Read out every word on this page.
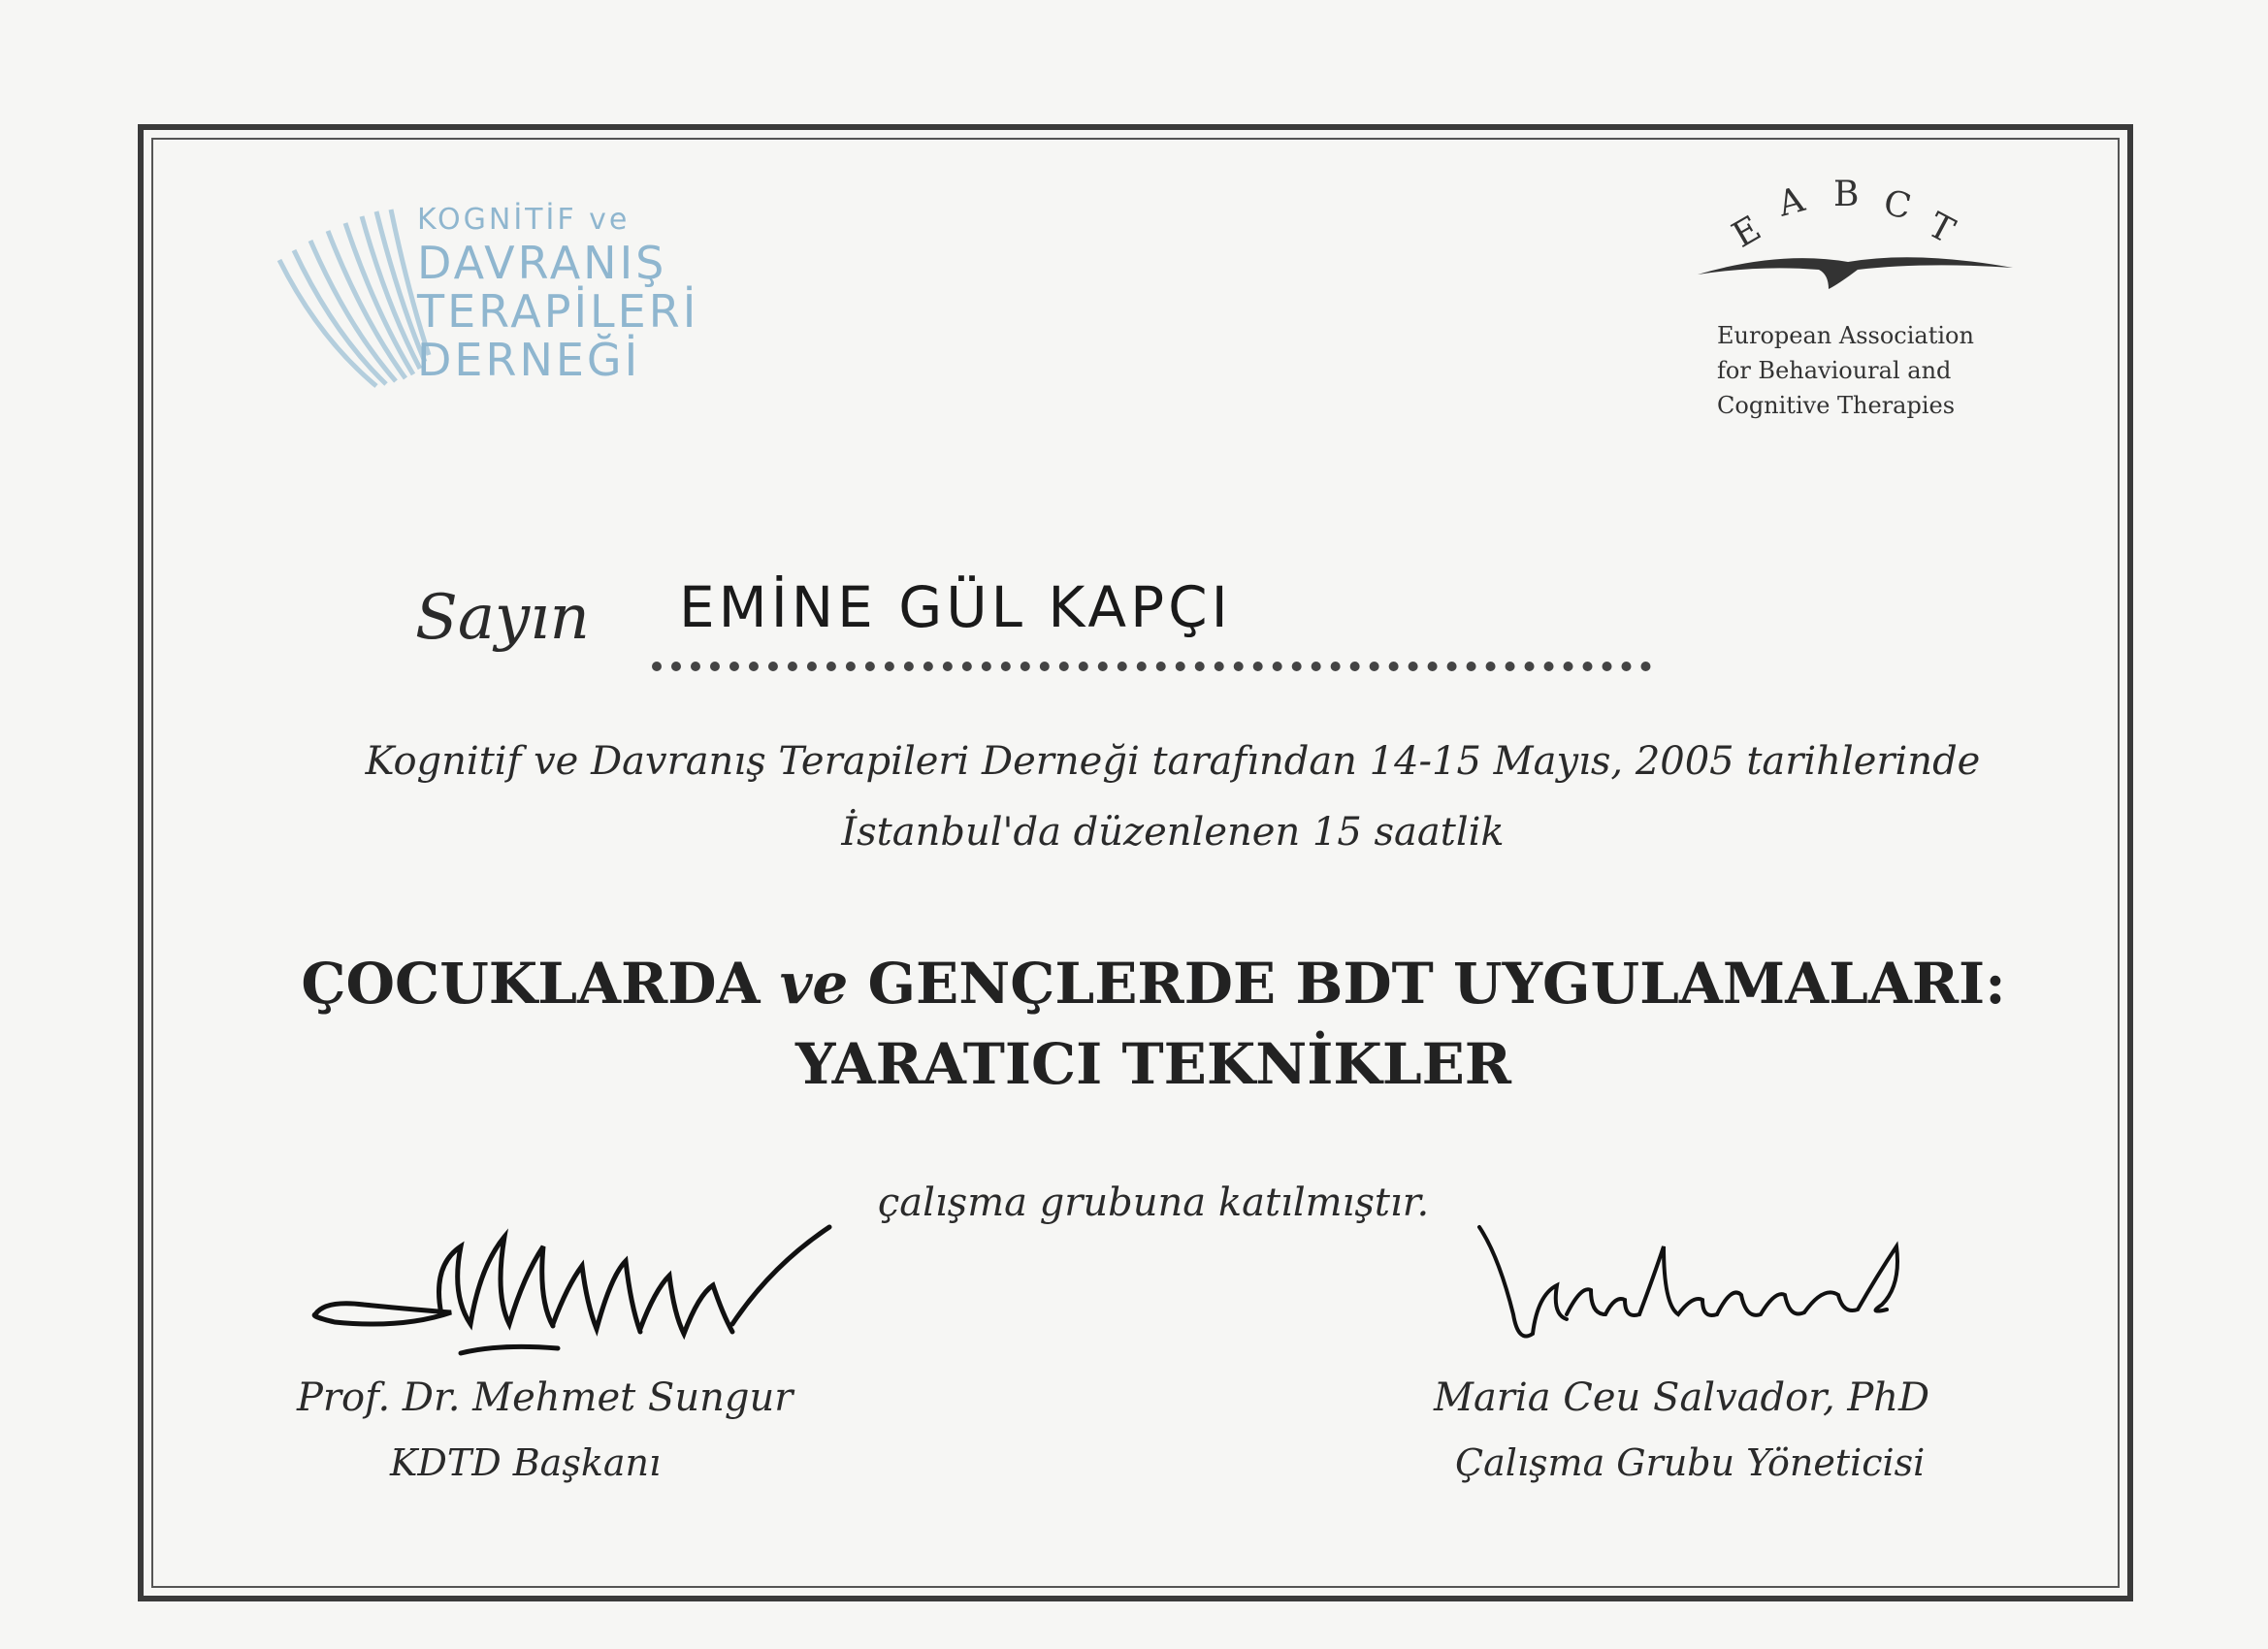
KOGNİTİF ve
DAVRANIŞ
TERAPİLERİ
DERNEĞİ
E
A B C
T
European Association
for Behavioural and
Cognitive Therapies
Sayın EMİNE GÜL KAPÇI
Kognitif ve Davranış Terapileri Derneği tarafından 14-15 Mayıs, 2005 tarihlerinde
İstanbul'da düzenlenen 15 saatlik
ÇOCUKLARDA ve GENÇLERDE BDT UYGULAMALARI:
YARATICI TEKNİKLER
çalışma grubuna katılmıştır.
Prof. Dr. Mehmet Sungur
KDTD Başkanı
Maria Ceu Salvador, PhD
Çalışma Grubu Yöneticisi
